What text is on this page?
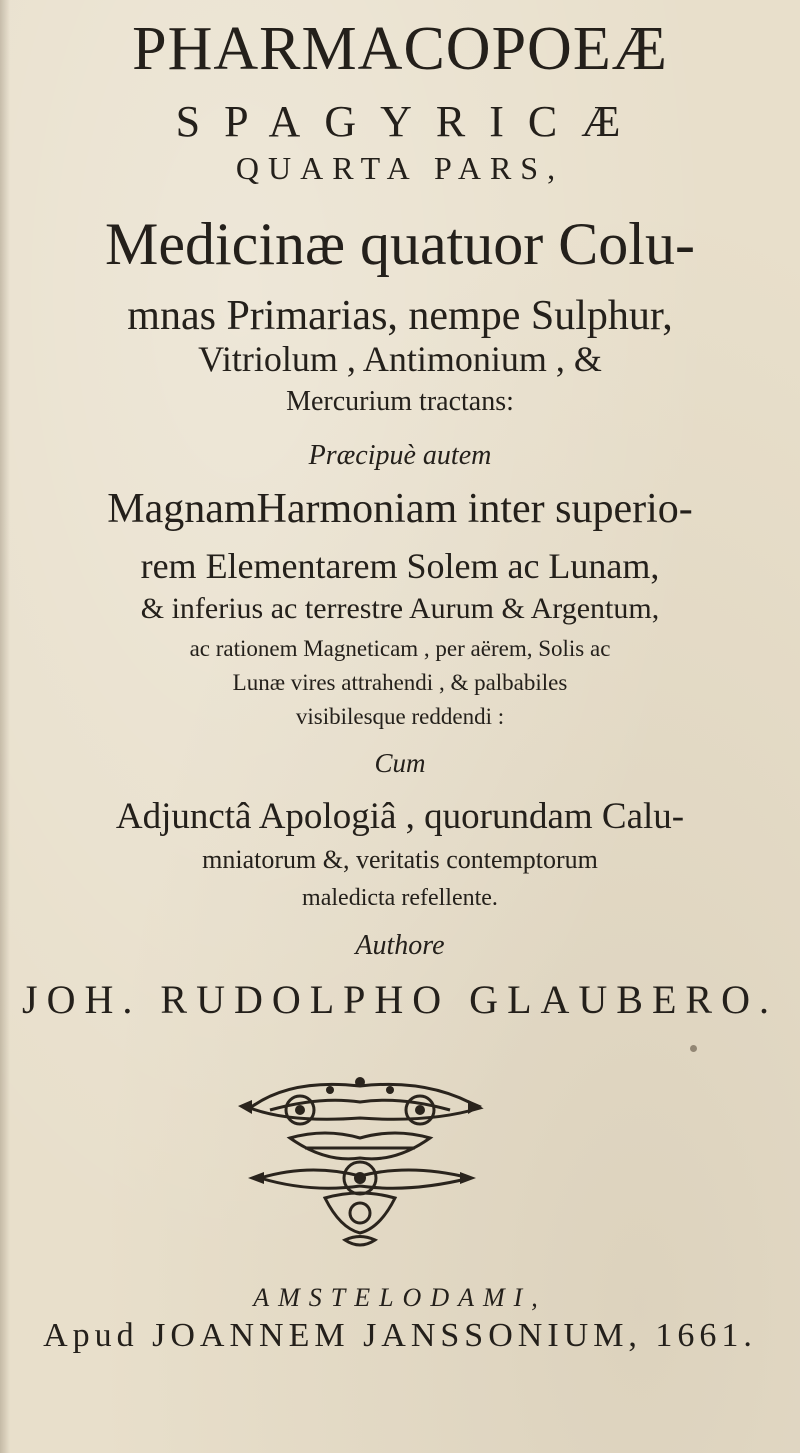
PHARMACOPOEÆ
SPAGYRICÆ
QUARTA PARS,
Medicinæ quatuor Colu-
mnas Primarias, nempe Sulphur,
Vitriolum , Antimonium , &
Mercurium tractans:
Præcipuè autem
MagnamHarmoniam inter superio-
rem Elementarem Solem ac Lunam,
& inferius ac terrestre Aurum & Argentum,
ac rationem Magneticam , per aërem, Solis ac
Lunæ vires attrahendi , & palbabiles
visibilesque reddendi :
Cum
Adjunctâ Apologiâ , quorundam Calu-
mniatorum &, veritatis contemptorum
maledicta refellente.
Authore
JOH. RUDOLPHO GLAUBERO.
AMSTELODAMI,
Apud JOANNEM JANSSONIUM, 1661.
